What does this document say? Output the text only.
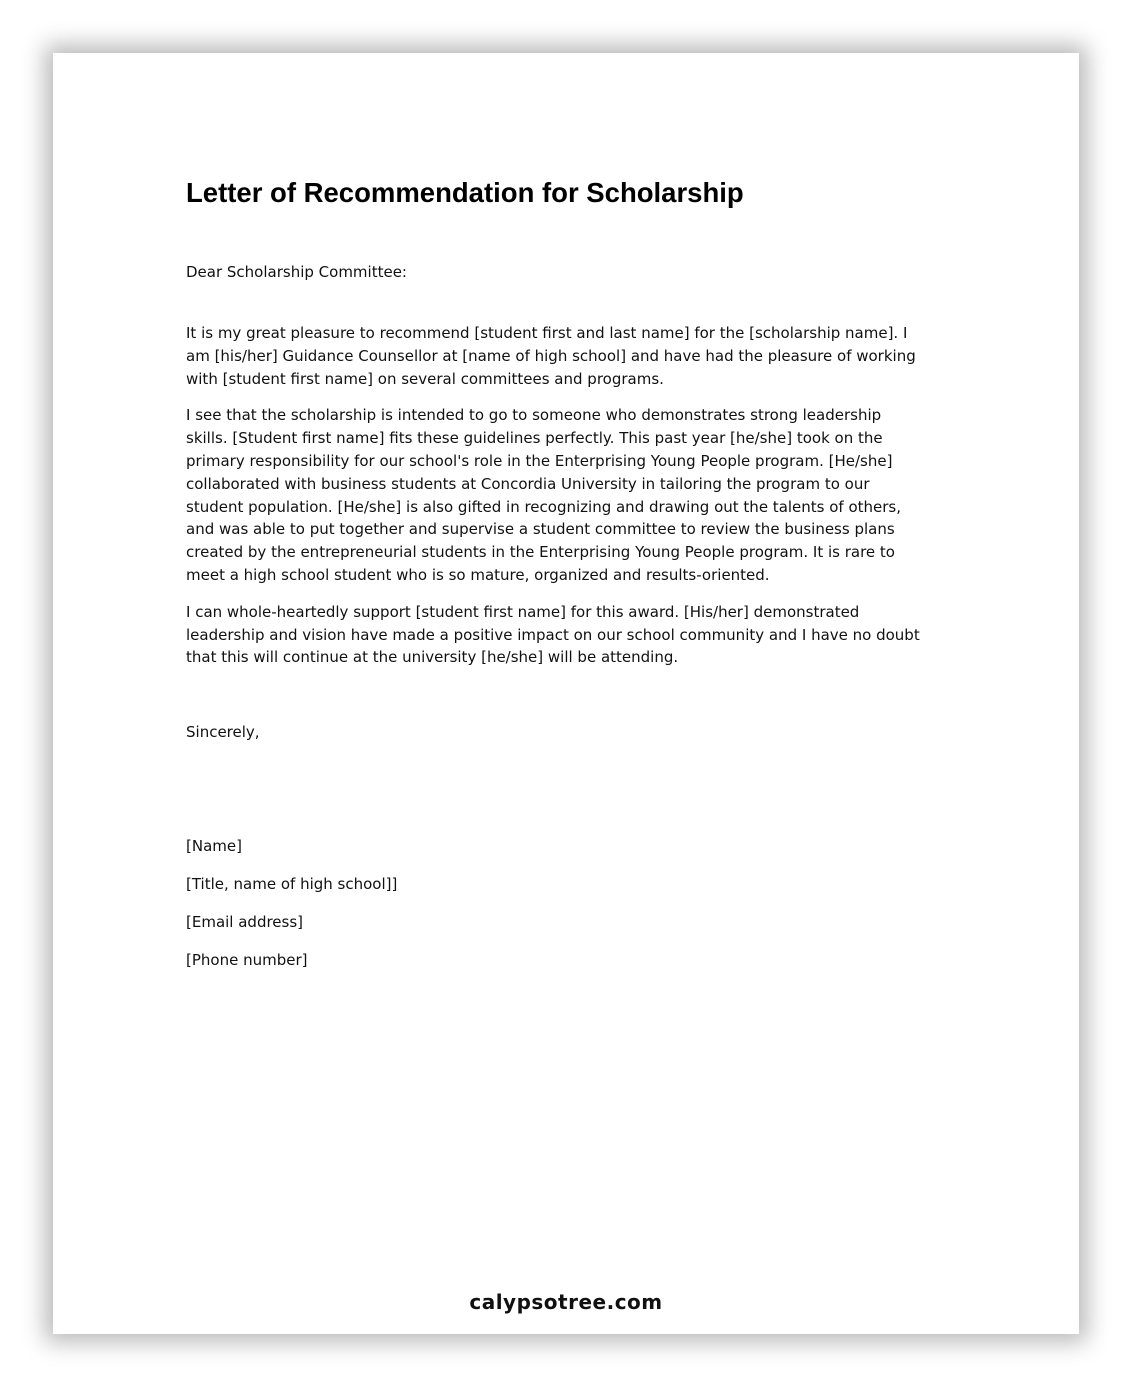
Letter of Recommendation for Scholarship

Dear Scholarship Committee:

It is my great pleasure to recommend [student first and last name] for the [scholarship name]. I am [his/her] Guidance Counsellor at [name of high school] and have had the pleasure of working with [student first name] on several committees and programs.

I see that the scholarship is intended to go to someone who demonstrates strong leadership skills. [Student first name] fits these guidelines perfectly. This past year [he/she] took on the primary responsibility for our school's role in the Enterprising Young People program. [He/she] collaborated with business students at Concordia University in tailoring the program to our student population. [He/she] is also gifted in recognizing and drawing out the talents of others, and was able to put together and supervise a student committee to review the business plans created by the entrepreneurial students in the Enterprising Young People program. It is rare to meet a high school student who is so mature, organized and results-oriented.

I can whole-heartedly support [student first name] for this award. [His/her] demonstrated leadership and vision have made a positive impact on our school community and I have no doubt that this will continue at the university [he/she] will be attending.

Sincerely,

[Name]

[Title, name of high school]]

[Email address]

[Phone number]

calypsotree.com
